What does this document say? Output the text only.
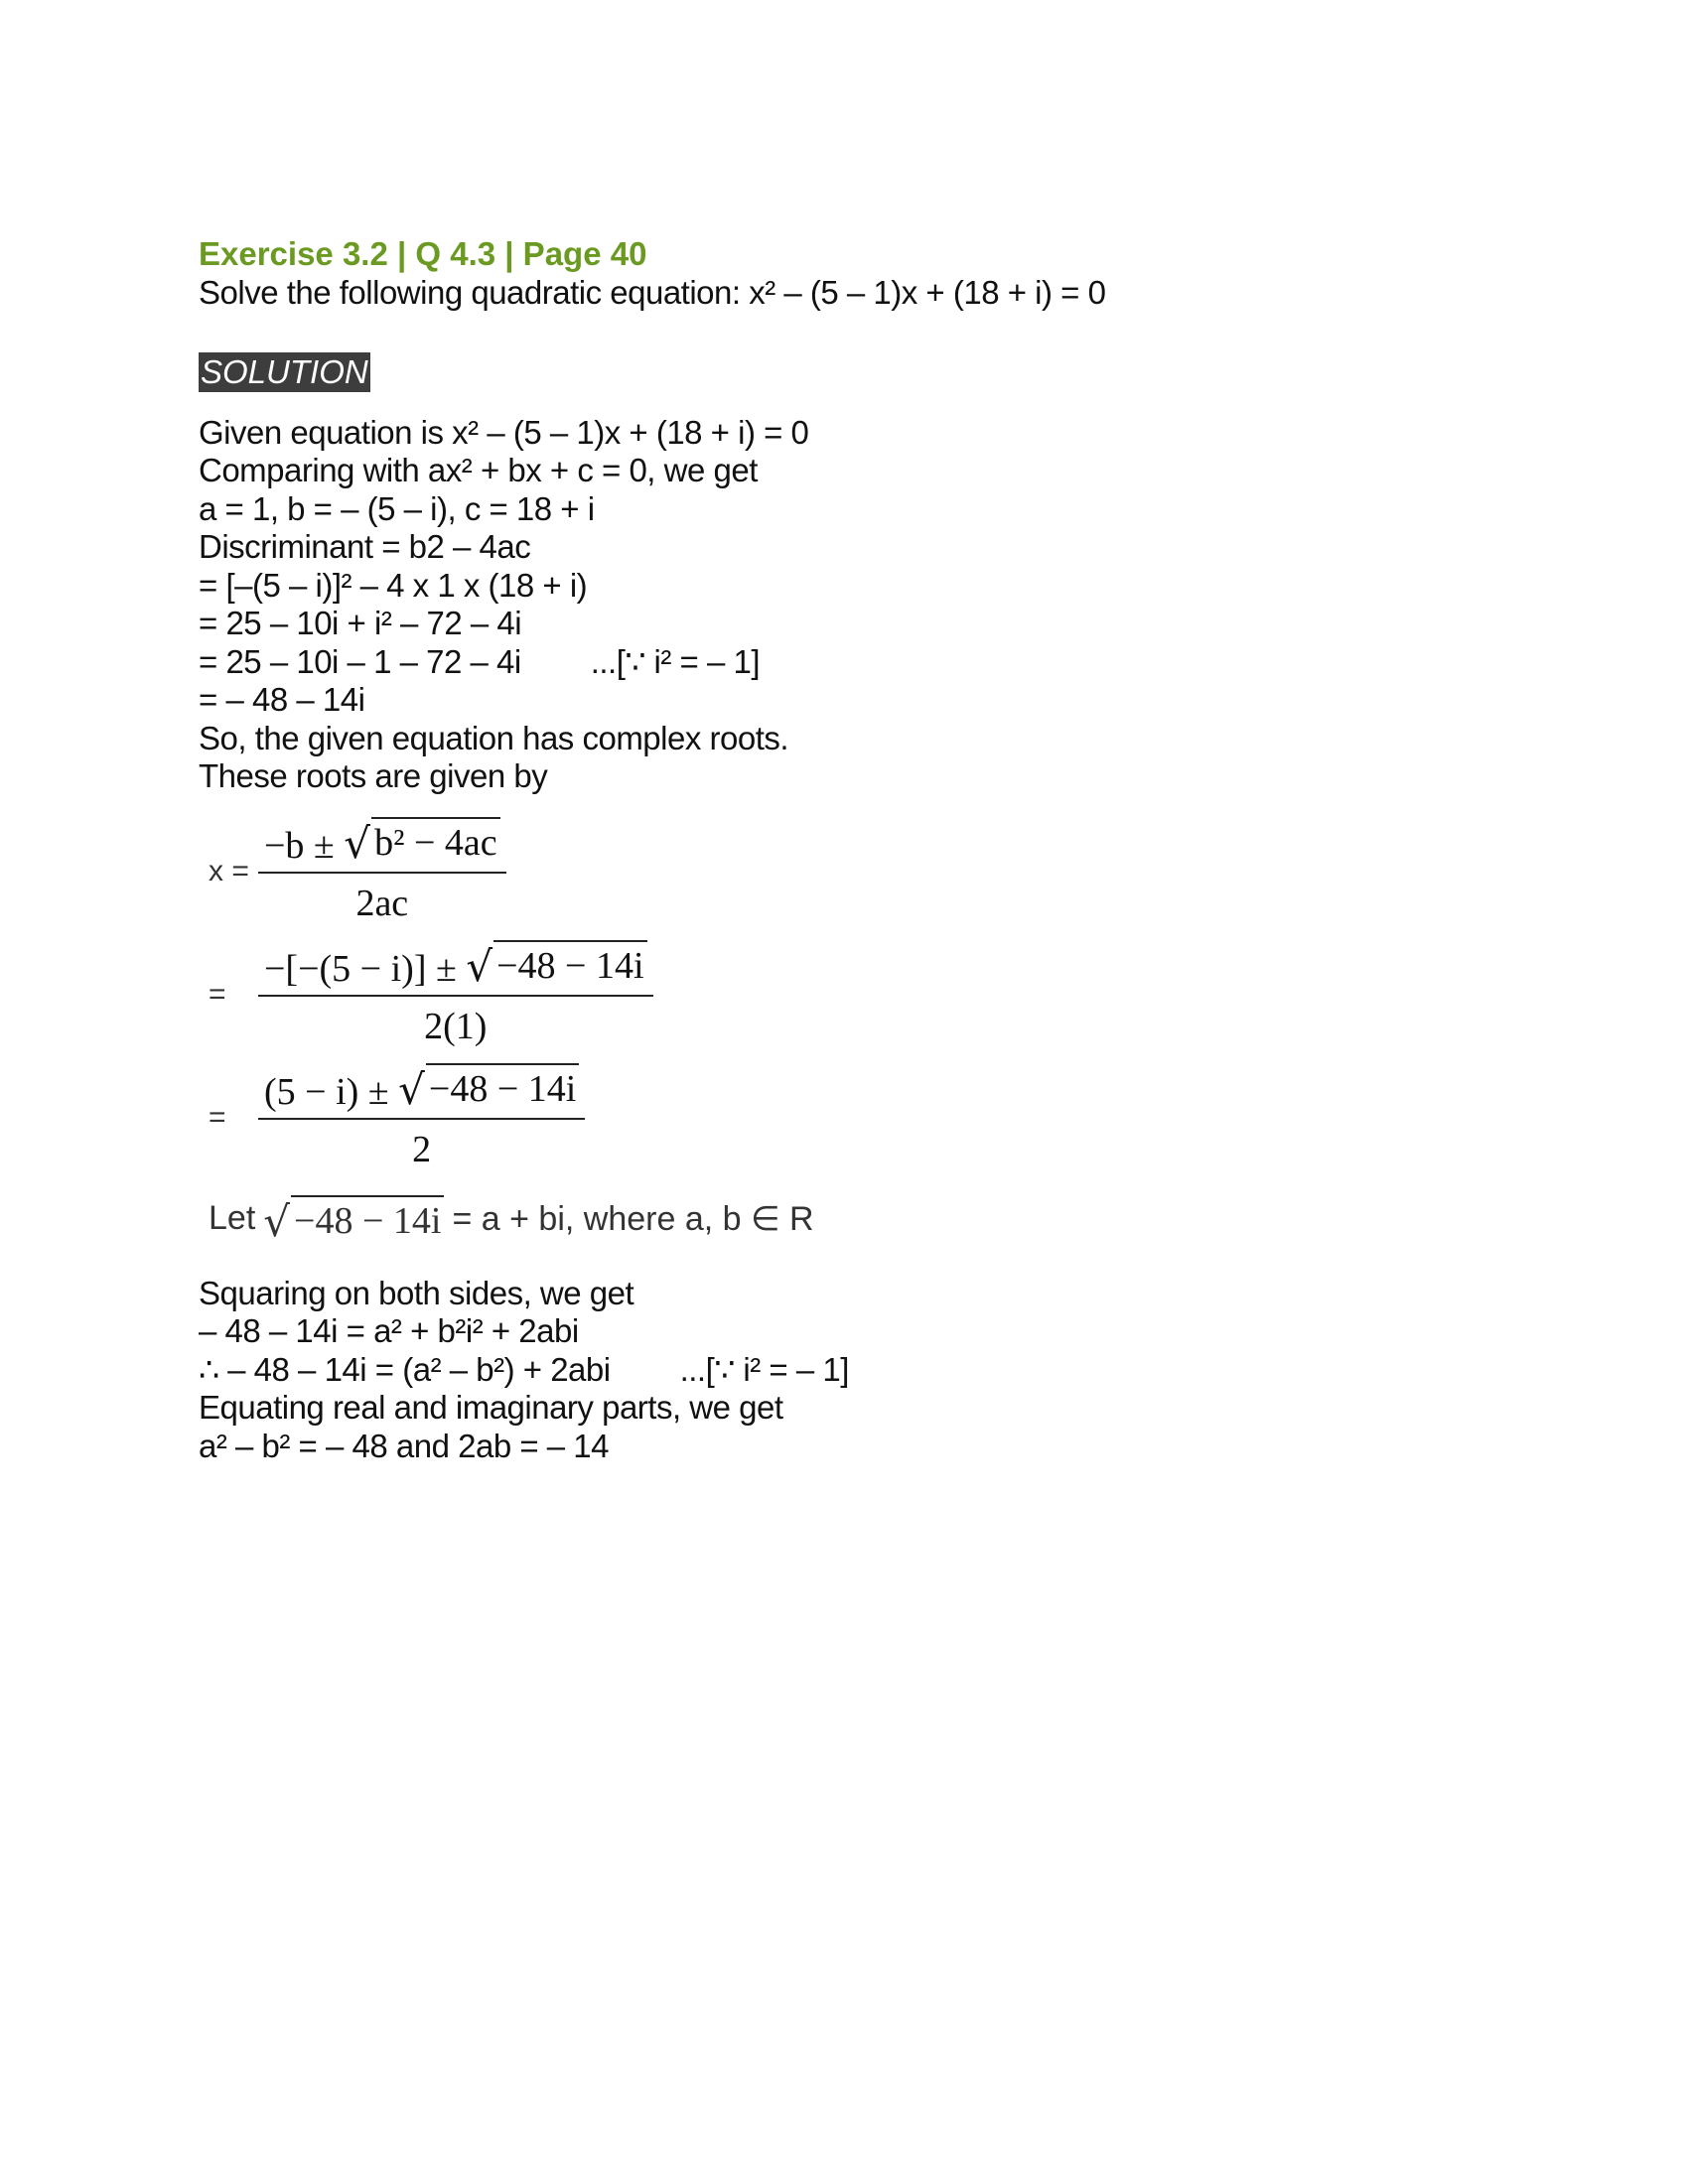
Exercise 3.2 | Q 4.3 | Page 40
Solve the following quadratic equation: x² – (5 – 1)x + (18 + i) = 0
SOLUTION
Given equation is x² – (5 – 1)x + (18 + i) = 0
Comparing with ax² + bx + c = 0, we get
a = 1, b = – (5 – i), c = 18 + i
Discriminant = b2 – 4ac
= [–(5 – i)]² – 4 x 1 x (18 + i)
= 25 – 10i + i² – 72 – 4i
= 25 – 10i – 1 – 72 – 4i ...[∵ i² = – 1]
= – 48 – 14i
So, the given equation has complex roots.
These roots are given by
$x = \frac{\text{−b ± √ b² − 4ac}}{2ac}$
= $\frac{-[-(5 - i)] \pm √ -48 - 14i}{2(1)}$
= $\frac{(5 - i) \pm √ -48 - 14i}{2}$
Let √ −48 − 14i = a + bi, where a, b ∈ R
Squaring on both sides, we get
– 48 – 14i = a² + b²i² + 2abi
∴ – 48 – 14i = (a² – b²) + 2abi ...[∵ i² = – 1]
Equating real and imaginary parts, we get
a² – b² = – 48 and 2ab = – 14
